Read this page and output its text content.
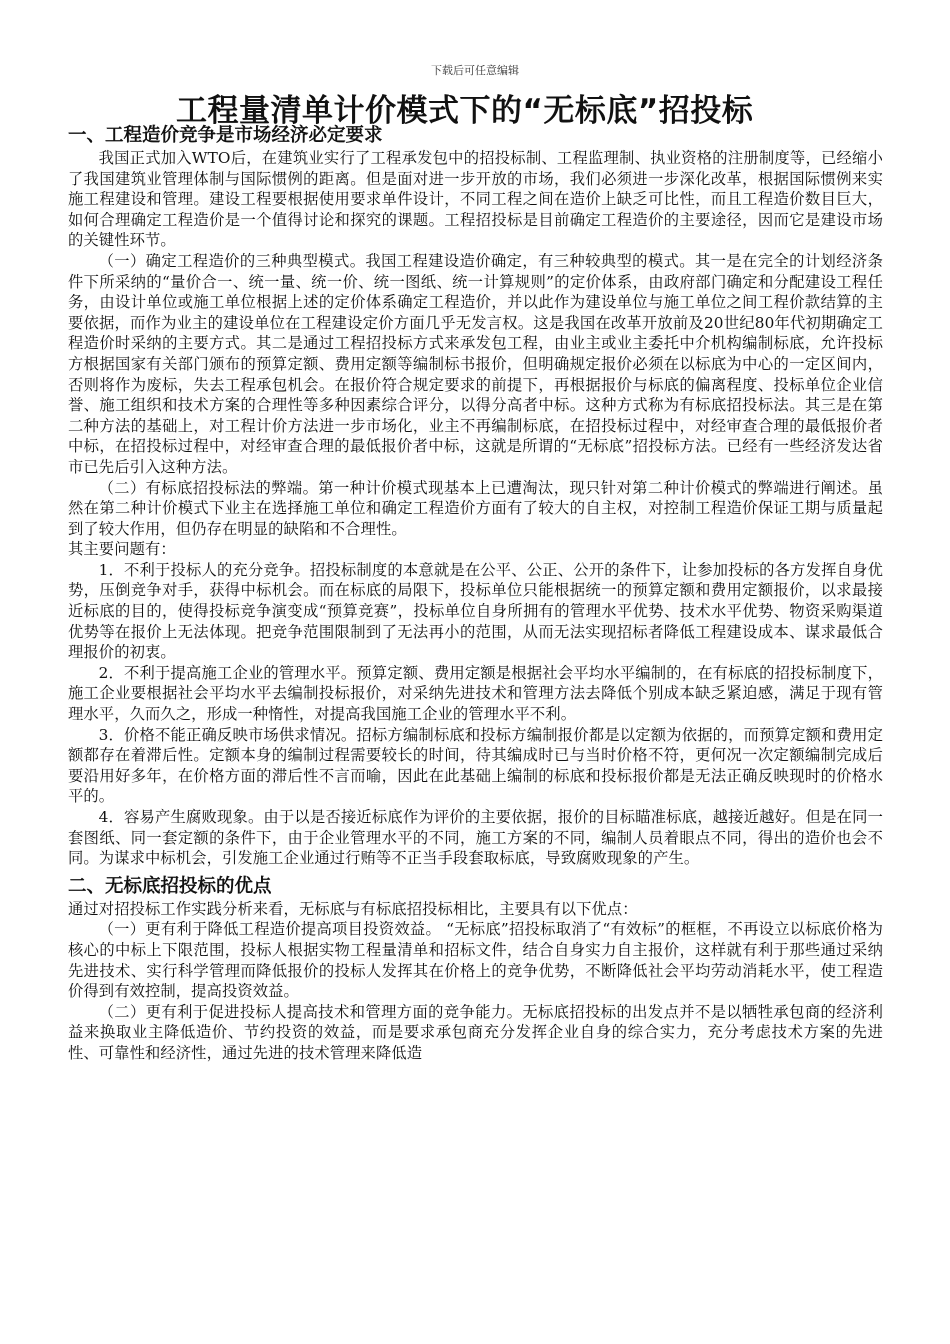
下载后可任意编辑
工程量清单计价模式下的“无标底”招投标
一、工程造价竞争是市场经济必定要求

我国正式加入WTO后，在建筑业实行了工程承发包中的招投标制、工程监理制、执业资格的注册制度等，已经缩小了我国建筑业管理体制与国际惯例的距离。但是面对进一步开放的市场，我们必须进一步深化改革，根据国际惯例来实施工程建设和管理。建设工程要根据使用要求单件设计，不同工程之间在造价上缺乏可比性，而且工程造价数目巨大，如何合理确定工程造价是一个值得讨论和探究的课题。工程招投标是目前确定工程造价的主要途径，因而它是建设市场的关键性环节。

（一）确定工程造价的三种典型模式。我国工程建设造价确定，有三种较典型的模式。其一是在完全的计划经济条件下所采纳的“量价合一、统一量、统一价、统一图纸、统一计算规则”的定价体系，由政府部门确定和分配建设工程任务，由设计单位或施工单位根据上述的定价体系确定工程造价，并以此作为建设单位与施工单位之间工程价款结算的主要依据，而作为业主的建设单位在工程建设定价方面几乎无发言权。这是我国在改革开放前及20世纪80年代初期确定工程造价时采纳的主要方式。其二是通过工程招投标方式来承发包工程，由业主或业主委托中介机构编制标底，允许投标方根据国家有关部门颁布的预算定额、费用定额等编制标书报价，但明确规定报价必须在以标底为中心的一定区间内，否则将作为废标，失去工程承包机会。在报价符合规定要求的前提下，再根据报价与标底的偏离程度、投标单位企业信誉、施工组织和技术方案的合理性等多种因素综合评分，以得分高者中标。这种方式称为有标底招投标法。其三是在第二种方法的基础上，对工程计价方法进一步市场化，业主不再编制标底，在招投标过程中，对经审查合理的最低报价者中标，在招投标过程中，对经审查合理的最低报价者中标，这就是所谓的“无标底”招投标方法。已经有一些经济发达省市已先后引入这种方法。

（二）有标底招投标法的弊端。第一种计价模式现基本上已遭淘汰，现只针对第二种计价模式的弊端进行阐述。虽然在第二种计价模式下业主在选择施工单位和确定工程造价方面有了较大的自主权，对控制工程造价保证工期与质量起到了较大作用，但仍存在明显的缺陷和不合理性。

其主要问题有：

1．不利于投标人的充分竞争。招投标制度的本意就是在公平、公正、公开的条件下，让参加投标的各方发挥自身优势，压倒竞争对手，获得中标机会。而在标底的局限下，投标单位只能根据统一的预算定额和费用定额报价，以求最接近标底的目的，使得投标竞争演变成“预算竞赛”，投标单位自身所拥有的管理水平优势、技术水平优势、物资采购渠道优势等在报价上无法体现。把竞争范围限制到了无法再小的范围，从而无法实现招标者降低工程建设成本、谋求最低合理报价的初衷。

2．不利于提高施工企业的管理水平。预算定额、费用定额是根据社会平均水平编制的，在有标底的招投标制度下，施工企业要根据社会平均水平去编制投标报价，对采纳先进技术和管理方法去降低个别成本缺乏紧迫感，满足于现有管理水平，久而久之，形成一种惰性，对提高我国施工企业的管理水平不利。

3．价格不能正确反映市场供求情况。招标方编制标底和投标方编制报价都是以定额为依据的，而预算定额和费用定额都存在着滞后性。定额本身的编制过程需要较长的时间，待其编成时已与当时价格不符，更何况一次定额编制完成后要沿用好多年，在价格方面的滞后性不言而喻，因此在此基础上编制的标底和投标报价都是无法正确反映现时的价格水平的。

4．容易产生腐败现象。由于以是否接近标底作为评价的主要依据，报价的目标瞄准标底，越接近越好。但是在同一套图纸、同一套定额的条件下，由于企业管理水平的不同，施工方案的不同，编制人员着眼点不同，得出的造价也会不同。为谋求中标机会，引发施工企业通过行贿等不正当手段套取标底，导致腐败现象的产生。

二、无标底招投标的优点

通过对招投标工作实践分析来看，无标底与有标底招投标相比，主要具有以下优点：

（一）更有利于降低工程造价提高项目投资效益。 “无标底”招投标取消了“有效标”的框框，不再设立以标底价格为核心的中标上下限范围，投标人根据实物工程量清单和招标文件，结合自身实力自主报价，这样就有利于那些通过采纳先进技术、实行科学管理而降低报价的投标人发挥其在价格上的竞争优势，不断降低社会平均劳动消耗水平，使工程造价得到有效控制，提高投资效益。

（二）更有利于促进投标人提高技术和管理方面的竞争能力。无标底招投标的出发点并不是以牺牲承包商的经济利益来换取业主降低造价、节约投资的效益，而是要求承包商充分发挥企业自身的综合实力，充分考虑技术方案的先进性、可靠性和经济性，通过先进的技术管理来降低造
